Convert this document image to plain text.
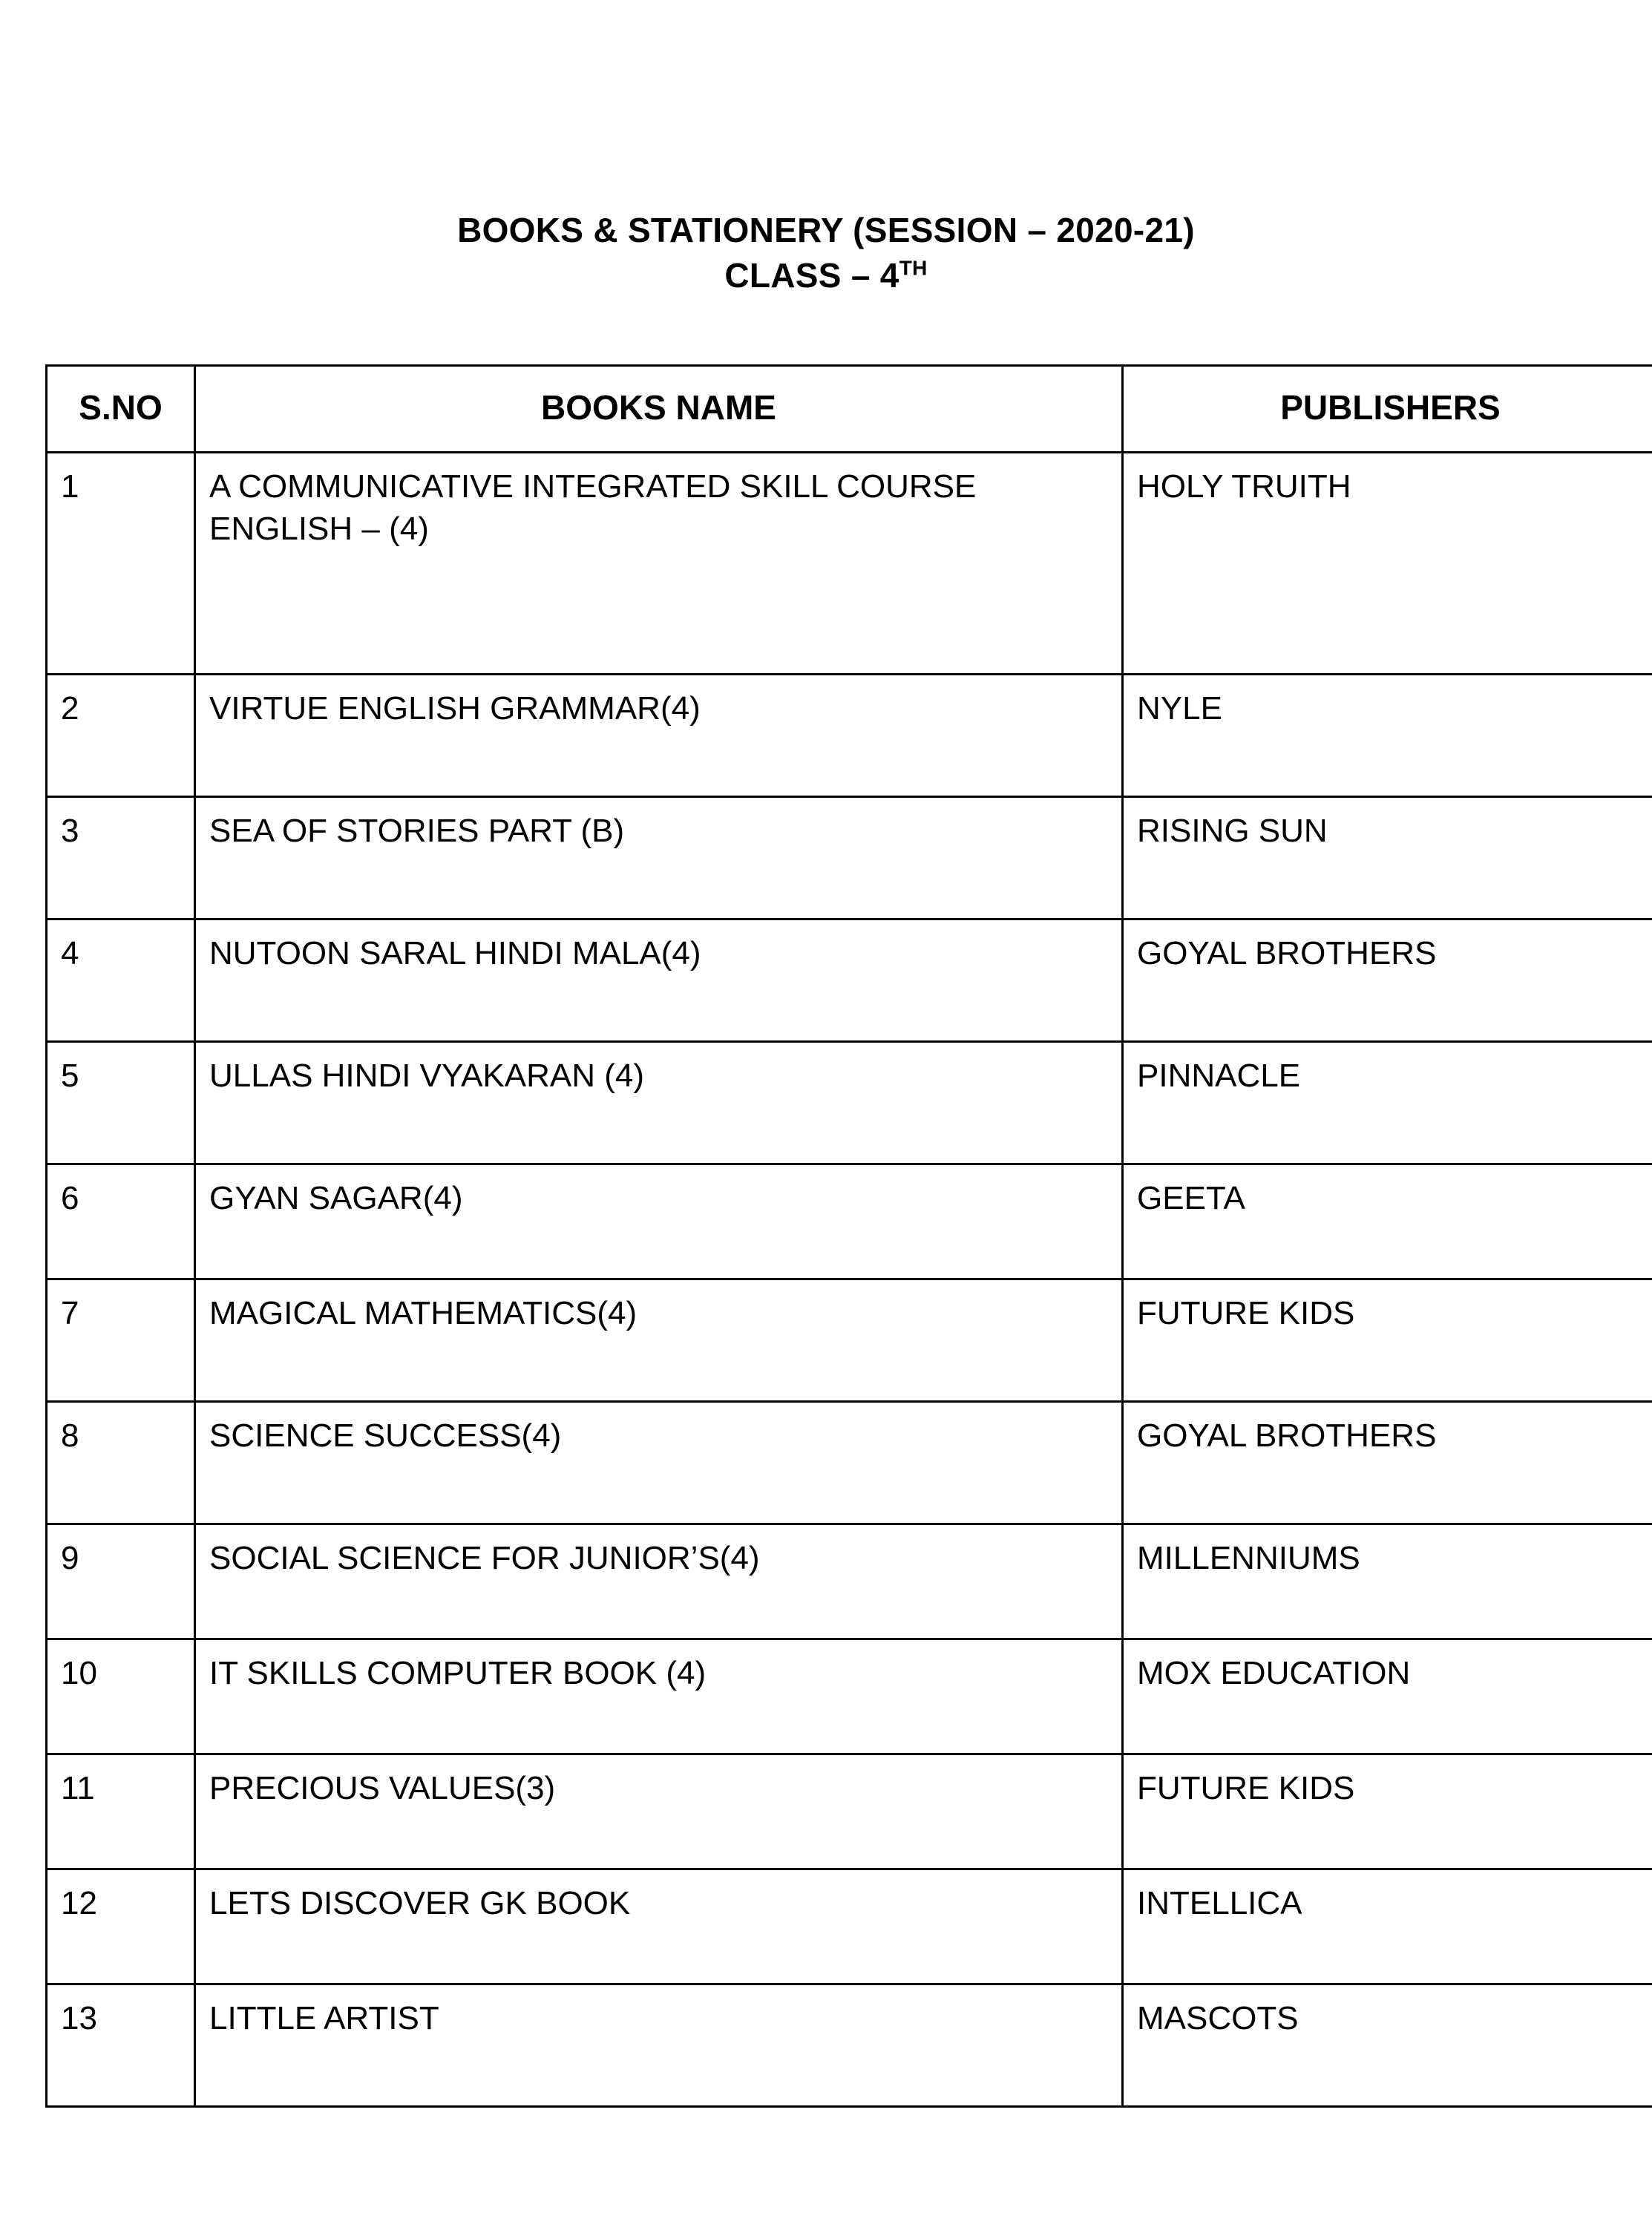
BOOKS & STATIONERY (SESSION – 2020-21)
CLASS – 4TH
S.NO	BOOKS NAME	PUBLISHERS
1	A COMMUNICATIVE INTEGRATED SKILL COURSE ENGLISH – (4)	HOLY TRUITH
2	VIRTUE ENGLISH GRAMMAR(4)	NYLE
3	SEA OF STORIES PART (B)	RISING SUN
4	NUTOON SARAL HINDI MALA(4)	GOYAL BROTHERS
5	ULLAS HINDI VYAKARAN (4)	PINNACLE
6	GYAN SAGAR(4)	GEETA
7	MAGICAL MATHEMATICS(4)	FUTURE KIDS
8	SCIENCE SUCCESS(4)	GOYAL BROTHERS
9	SOCIAL SCIENCE FOR JUNIOR’S(4)	MILLENNIUMS
10	IT SKILLS COMPUTER BOOK (4)	MOX EDUCATION
11	PRECIOUS VALUES(3)	FUTURE KIDS
12	LETS DISCOVER GK BOOK	INTELLICA
13	LITTLE ARTIST	MASCOTS
